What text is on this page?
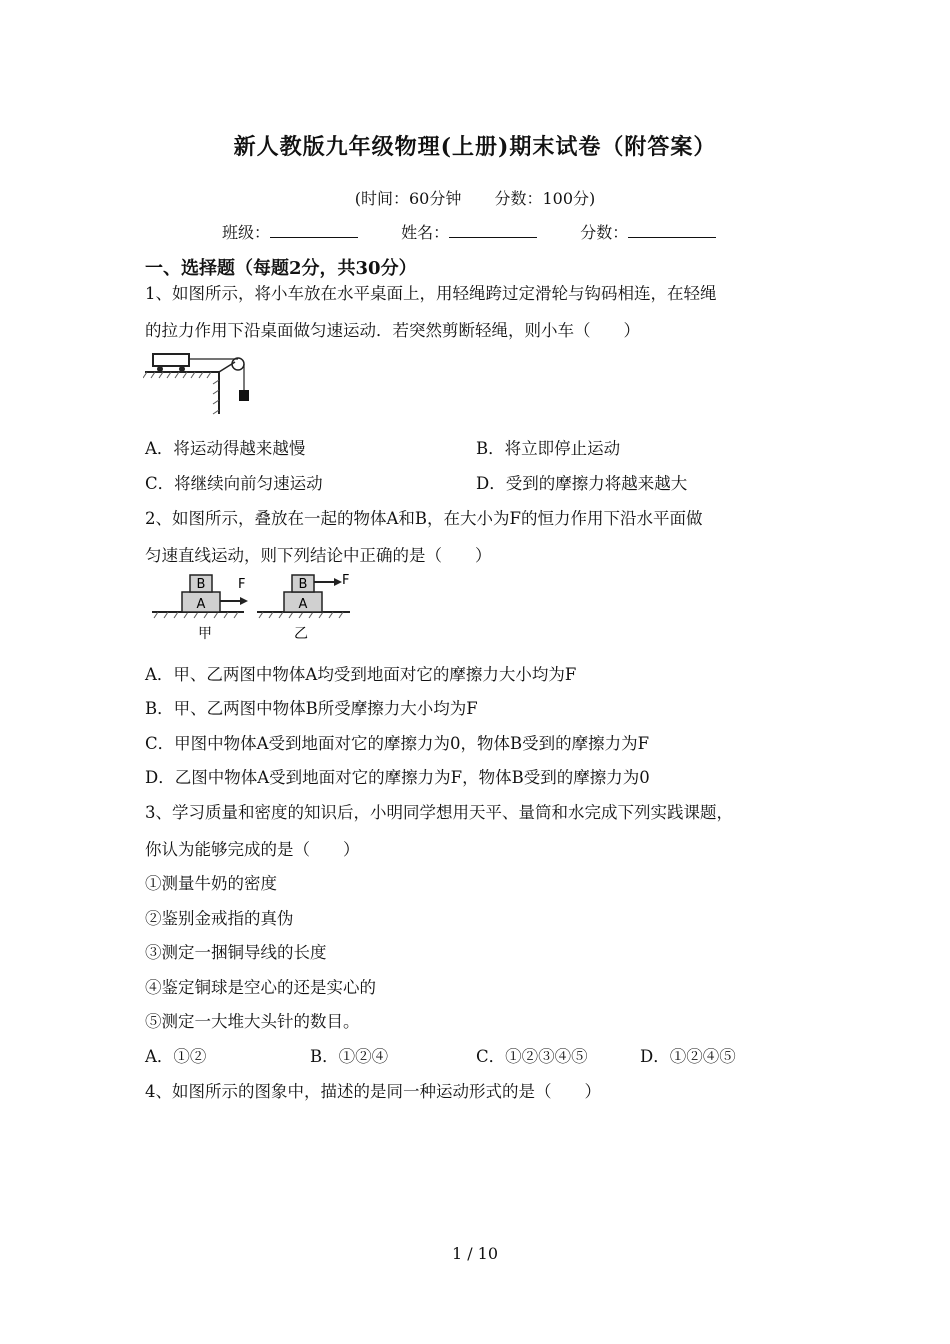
新人教版九年级物理(上册)期末试卷（附答案）
(时间：60分钟 分数：100分)
班级：	姓名：	分数：
一、选择题（每题2分，共30分）
1、如图所示，将小车放在水平桌面上，用轻绳跨过定滑轮与钩码相连，在轻绳
的拉力作用下沿桌面做匀速运动．若突然剪断轻绳，则小车（　　）
A．将运动得越来越慢	B．将立即停止运动
C．将继续向前匀速运动	D．受到的摩擦力将越来越大
2、如图所示，叠放在一起的物体A和B，在大小为F的恒力作用下沿水平面做
匀速直线运动，则下列结论中正确的是（　　）
A
B	F
甲
A
B	F
乙
A．甲、乙两图中物体A均受到地面对它的摩擦力大小均为F
B．甲、乙两图中物体B所受摩擦力大小均为F
C．甲图中物体A受到地面对它的摩擦力为0，物体B受到的摩擦力为F
D．乙图中物体A受到地面对它的摩擦力为F，物体B受到的摩擦力为0
3、学习质量和密度的知识后，小明同学想用天平、量筒和水完成下列实践课题，
你认为能够完成的是（　　）
①测量牛奶的密度
②鉴别金戒指的真伪
③测定一捆铜导线的长度
④鉴定铜球是空心的还是实心的
⑤测定一大堆大头针的数目。
A．①②	B．①②④	C．①②③④⑤	D．①②④⑤
4、如图所示的图象中，描述的是同一种运动形式的是（　　）
1 / 10
